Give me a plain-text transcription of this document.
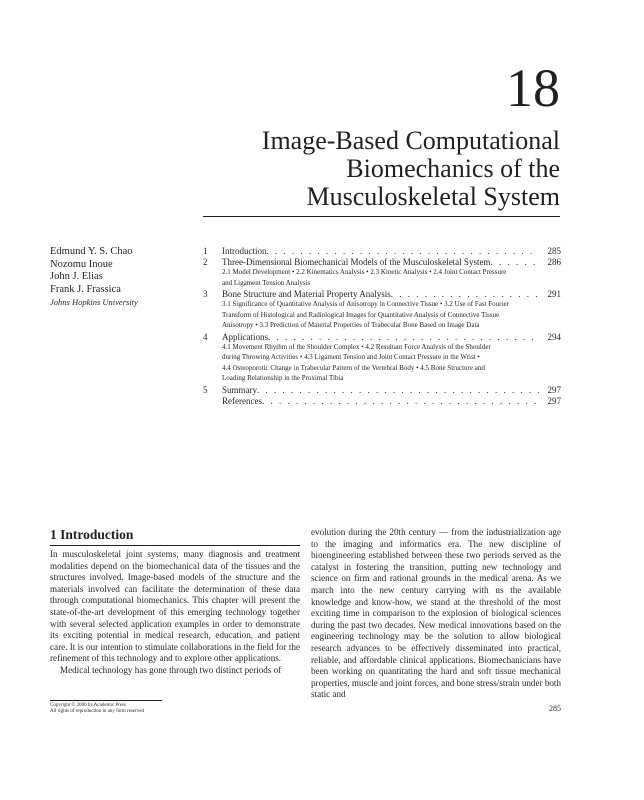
18
Image-Based Computational
Biomechanics of the
Musculoskeletal System
Edmund Y. S. Chao
Nozomu Inoue
John J. Elias
Frank J. Frassica
Johns Hopkins University
1	Introduction . . .	285
2	Three-Dimensional Biomechanical Models of the Musculoskeletal System . . .	286
2.1 Model Development • 2.2 Kinematics Analysis • 2.3 Kinetic Analysis • 2.4 Joint Contact Pressure
and Ligament Tension Analysis
3	Bone Structure and Material Property Analysis . . .	291
3.1 Significance of Quantitative Analysis of Anisotropy in Connective Tissue • 3.2 Use of Fast Fourier
Transform of Histological and Radiological Images for Quantitative Analysis of Connective Tissue
Anisotropy • 3.3 Prediction of Material Properties of Trabecular Bone Based on Image Data
4	Applications . . .	294
4.1 Movement Rhythm of the Shoulder Complex • 4.2 Resultant Force Analysis of the Shoulder
during Throwing Activities • 4.3 Ligament Tension and Joint Contact Pressure in the Wrist •
4.4 Osteoporotic Change in Trabecular Pattern of the Vertebral Body • 4.5 Bone Structure and
Loading Relationship in the Proximal Tibia
5	Summary . . .	297
References . . .	297
1 Introduction

In musculoskeletal joint systems, many diagnosis and treatment modalities depend on the biomechanical data of the tissues and the structures involved. Image-based models of the structure and the materials involved can facilitate the determination of these data through computational biomechanics. This chapter will present the state-of-the-art development of this emerging technology together with several selected application examples in order to demonstrate its exciting potential in medical research, education, and patient care. It is our intention to stimulate collaborations in the field for the refinement of this technology and to explore other applications.

Medical technology has gone through two distinct periods of

evolution during the 20th century — from the industrialization age to the imaging and informatics era. The new discipline of bioengineering established between these two periods served as the catalyst in fostering the transition, putting new technology and science on firm and rational grounds in the medical arena. As we march into the new century carrying with us the available knowledge and know-how, we stand at the threshold of the most exciting time in comparison to the explosion of biological sciences during the past two decades. New medical innovations based on the engineering technology may be the solution to allow biological research advances to be effectively disseminated into practical, reliable, and affordable clinical applications. Biomechanicians have been working on quantitating the hard and soft tissue mechanical properties, muscle and joint forces, and bone stress/strain under both static and

Copyright © 2000 by Academic Press
All rights of reproduction in any form reserved	285
